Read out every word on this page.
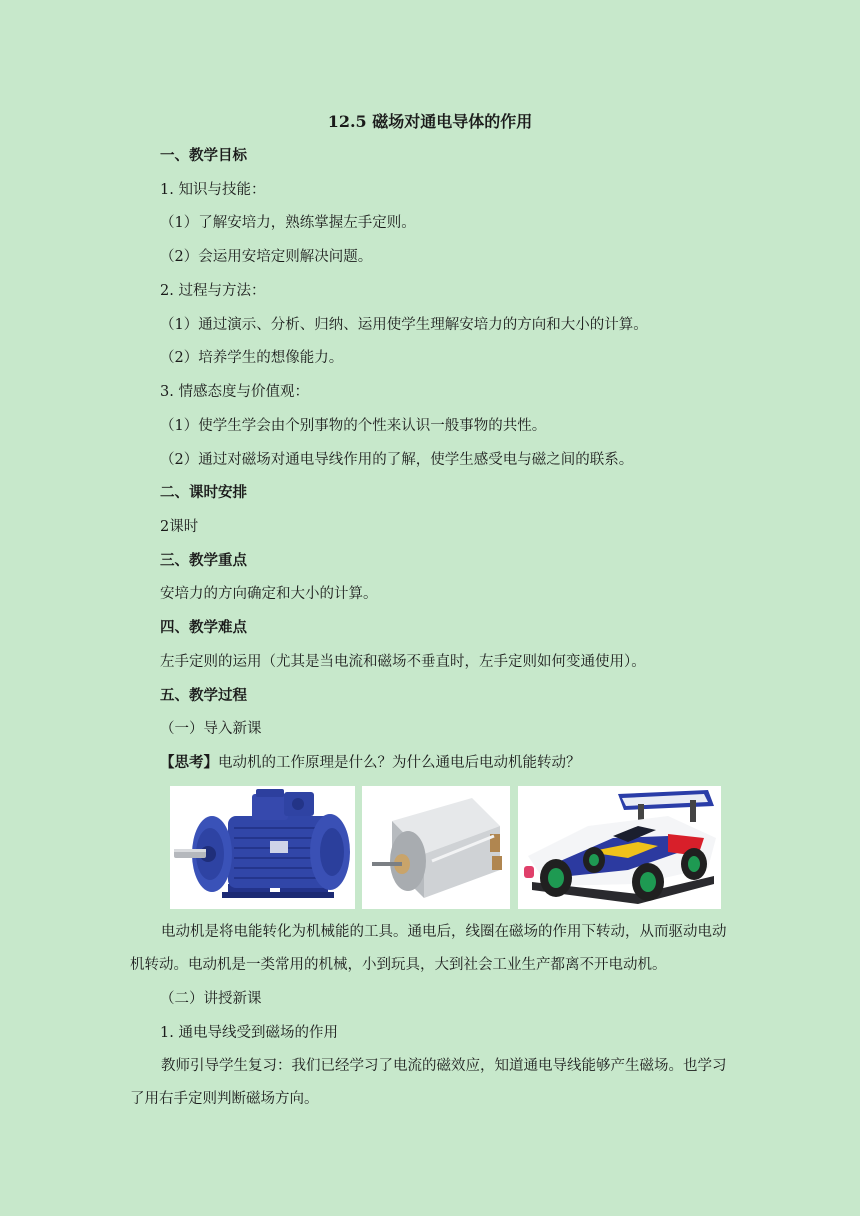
12.5 磁场对通电导体的作用
一、教学目标
1. 知识与技能：
（1）了解安培力，熟练掌握左手定则。
（2）会运用安培定则解决问题。
2. 过程与方法：
（1）通过演示、分析、归纳、运用使学生理解安培力的方向和大小的计算。
（2）培养学生的想像能力。
3. 情感态度与价值观：
（1）使学生学会由个别事物的个性来认识一般事物的共性。
（2）通过对磁场对通电导线作用的了解，使学生感受电与磁之间的联系。
二、课时安排
2课时
三、教学重点
安培力的方向确定和大小的计算。
四、教学难点
左手定则的运用（尤其是当电流和磁场不垂直时，左手定则如何变通使用）。
五、教学过程
（一）导入新课
【思考】电动机的工作原理是什么？为什么通电后电动机能转动？
电动机是将电能转化为机械能的工具。通电后，线圈在磁场的作用下转动，从而驱动电动机转动。电动机是一类常用的机械，小到玩具，大到社会工业生产都离不开电动机。
（二）讲授新课
1. 通电导线受到磁场的作用
教师引导学生复习：我们已经学习了电流的磁效应，知道通电导线能够产生磁场。也学习了用右手定则判断磁场方向。
